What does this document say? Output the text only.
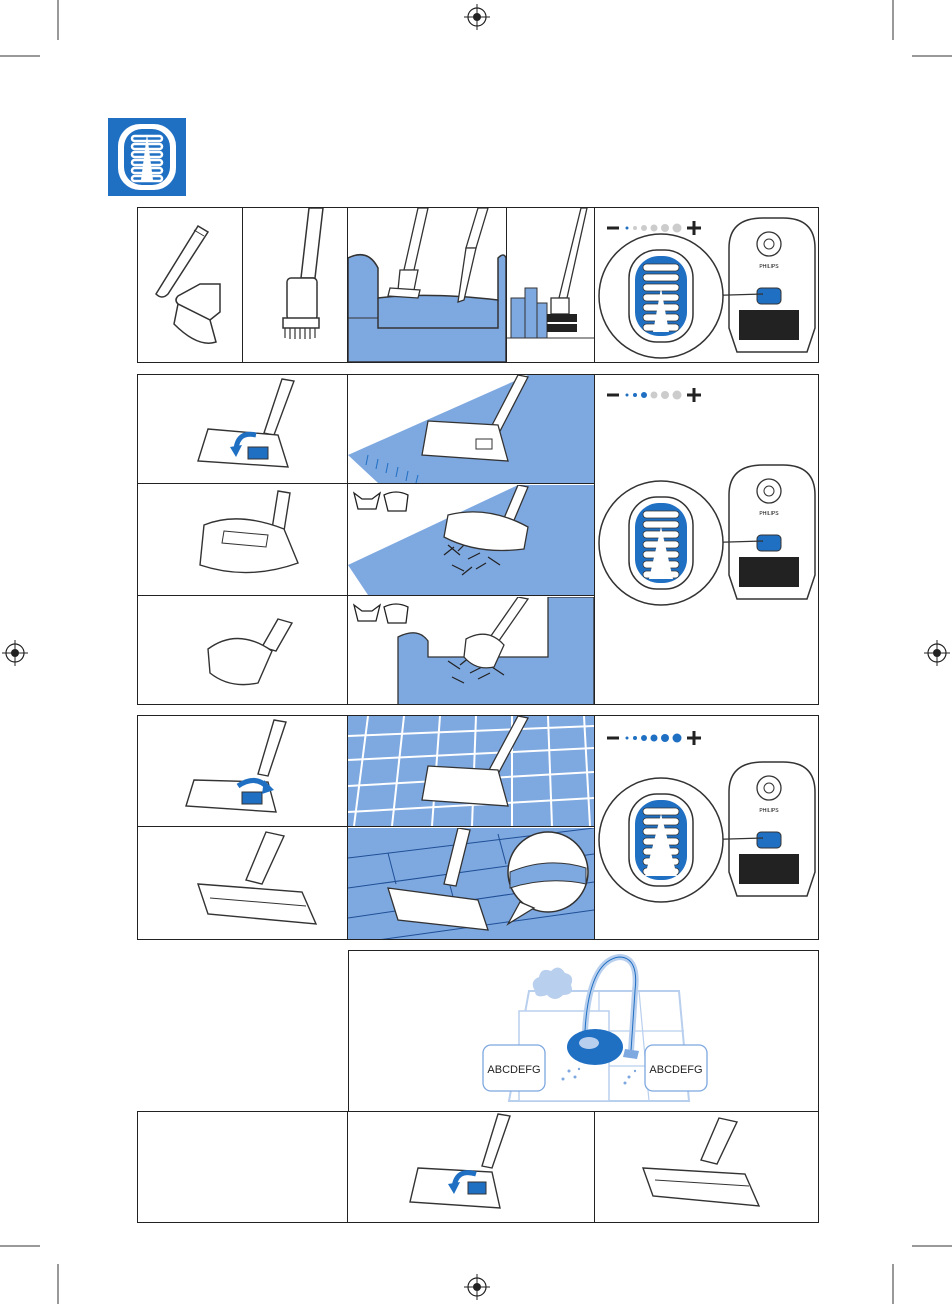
PHILIPS
PHILIPS
PHILIPS
ABCDEFG	ABCDEFG
